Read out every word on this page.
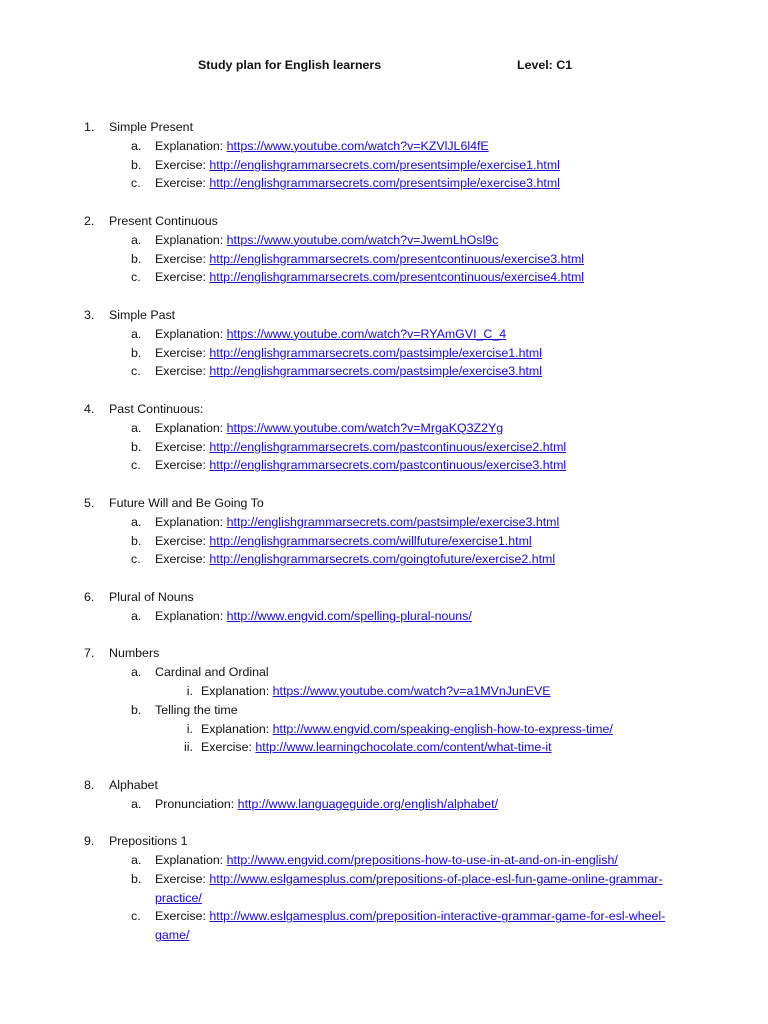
Study plan for English learners	Level: C1
1.	Simple Present
a. Explanation: https://www.youtube.com/watch?v=KZVlJL6l4fE
b. Exercise: http://englishgrammarsecrets.com/presentsimple/exercise1.html
c. Exercise: http://englishgrammarsecrets.com/presentsimple/exercise3.html
2.	Present Continuous
a. Explanation: https://www.youtube.com/watch?v=JwemLhOsl9c
b. Exercise: http://englishgrammarsecrets.com/presentcontinuous/exercise3.html
c. Exercise: http://englishgrammarsecrets.com/presentcontinuous/exercise4.html
3.	Simple Past
a. Explanation: https://www.youtube.com/watch?v=RYAmGVI_C_4
b. Exercise: http://englishgrammarsecrets.com/pastsimple/exercise1.html
c. Exercise: http://englishgrammarsecrets.com/pastsimple/exercise3.html
4.	Past Continuous:
a. Explanation: https://www.youtube.com/watch?v=MrgaKQ3Z2Yg
b. Exercise: http://englishgrammarsecrets.com/pastcontinuous/exercise2.html
c. Exercise: http://englishgrammarsecrets.com/pastcontinuous/exercise3.html
5.	Future Will and Be Going To
a. Explanation: http://englishgrammarsecrets.com/pastsimple/exercise3.html
b. Exercise: http://englishgrammarsecrets.com/willfuture/exercise1.html
c. Exercise: http://englishgrammarsecrets.com/goingtofuture/exercise2.html
6.	Plural of Nouns
a. Explanation: http://www.engvid.com/spelling-plural-nouns/
7.	Numbers
a. Cardinal and Ordinal
i. Explanation: https://www.youtube.com/watch?v=a1MVnJunEVE
b. Telling the time
i. Explanation: http://www.engvid.com/speaking-english-how-to-express-time/
ii. Exercise: http://www.learningchocolate.com/content/what-time-it
8.	Alphabet
a. Pronunciation: http://www.languageguide.org/english/alphabet/
9.	Prepositions 1
a. Explanation: http://www.engvid.com/prepositions-how-to-use-in-at-and-on-in-english/
b. Exercise: http://www.eslgamesplus.com/prepositions-of-place-esl-fun-game-online-grammar-
practice/
c. Exercise: http://www.eslgamesplus.com/preposition-interactive-grammar-game-for-esl-wheel-
game/
